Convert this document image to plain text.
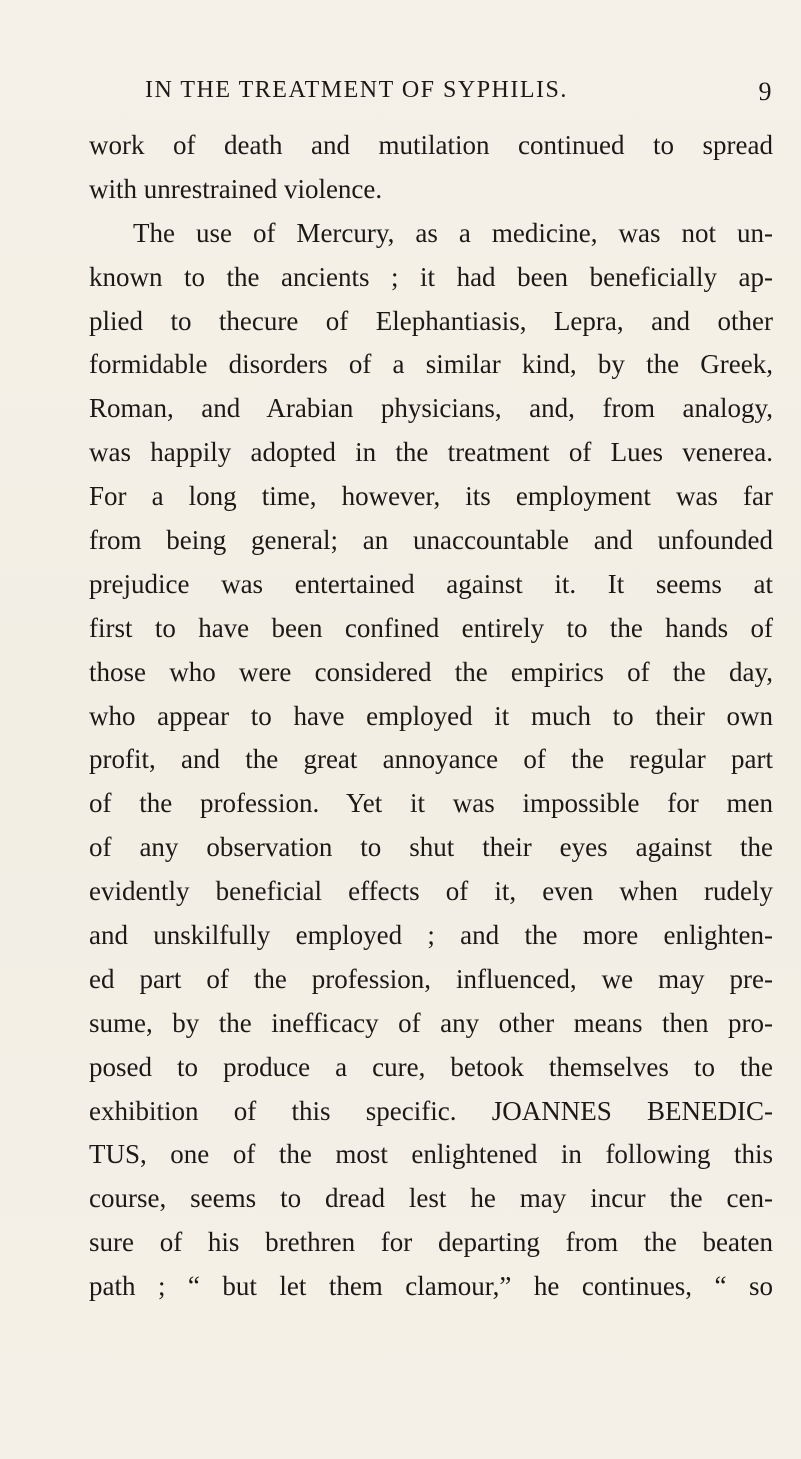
IN THE TREATMENT OF SYPHILIS.	9
work of death and mutilation continued to spread
with unrestrained violence.
The use of Mercury, as a medicine, was not un-
known to the ancients ; it had been beneficially ap-
plied to thecure of Elephantiasis, Lepra, and other
formidable disorders of a similar kind, by the Greek,
Roman, and Arabian physicians, and, from analogy,
was happily adopted in the treatment of Lues venerea.
For a long time, however, its employment was far
from being general; an unaccountable and unfounded
prejudice was entertained against it. It seems at
first to have been confined entirely to the hands of
those who were considered the empirics of the day,
who appear to have employed it much to their own
profit, and the great annoyance of the regular part
of the profession. Yet it was impossible for men
of any observation to shut their eyes against the
evidently beneficial effects of it, even when rudely
and unskilfully employed ; and the more enlighten-
ed part of the profession, influenced, we may pre-
sume, by the inefficacy of any other means then pro-
posed to produce a cure, betook themselves to the
exhibition of this specific. JOANNES BENEDIC-
TUS, one of the most enlightened in following this
course, seems to dread lest he may incur the cen-
sure of his brethren for departing from the beaten
path ; “ but let them clamour,” he continues, “ so
